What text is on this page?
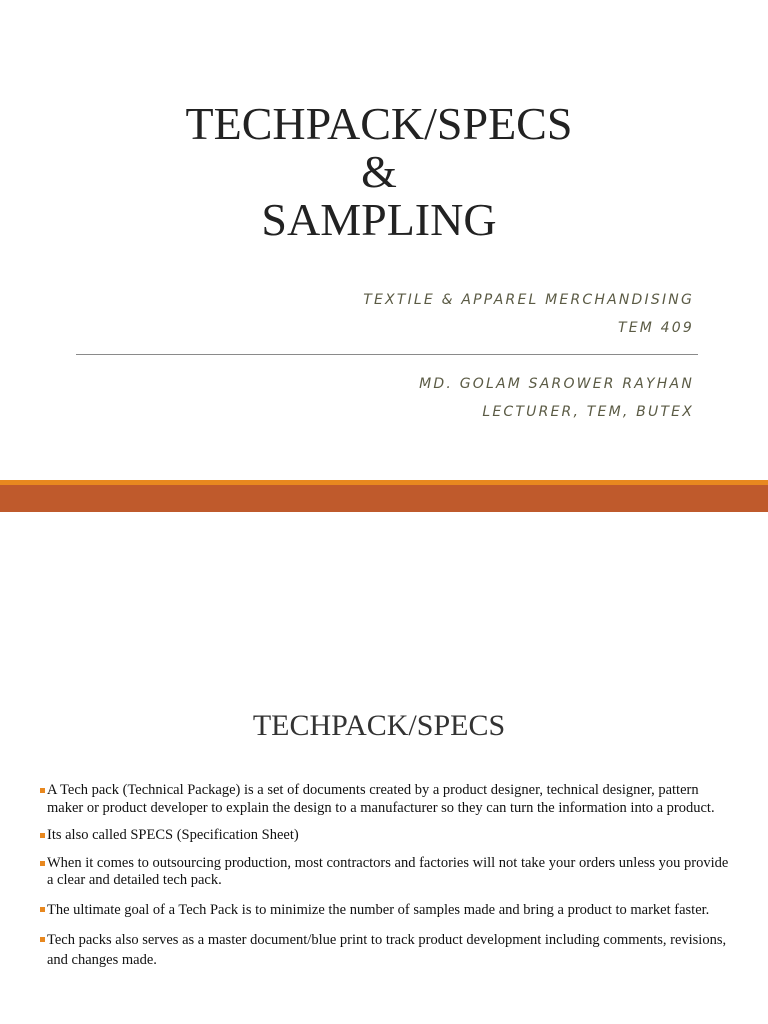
TECHPACK/SPECS
&
SAMPLING
TEXTILE & APPAREL MERCHANDISING
TEM 409
MD. GOLAM SAROWER RAYHAN
LECTURER, TEM, BUTEX
TECHPACK/SPECS
A Tech pack (Technical Package) is a set of documents created by a product designer, technical designer, pattern maker or product developer to explain the design to a manufacturer so they can turn the information into a product.
Its also called SPECS (Specification Sheet)
When it comes to outsourcing production, most contractors and factories will not take your orders unless you provide a clear and detailed tech pack.
The ultimate goal of a Tech Pack is to minimize the number of samples made and bring a product to market faster.
Tech packs also serves as a master document/blue print to track product development including comments, revisions, and changes made.
